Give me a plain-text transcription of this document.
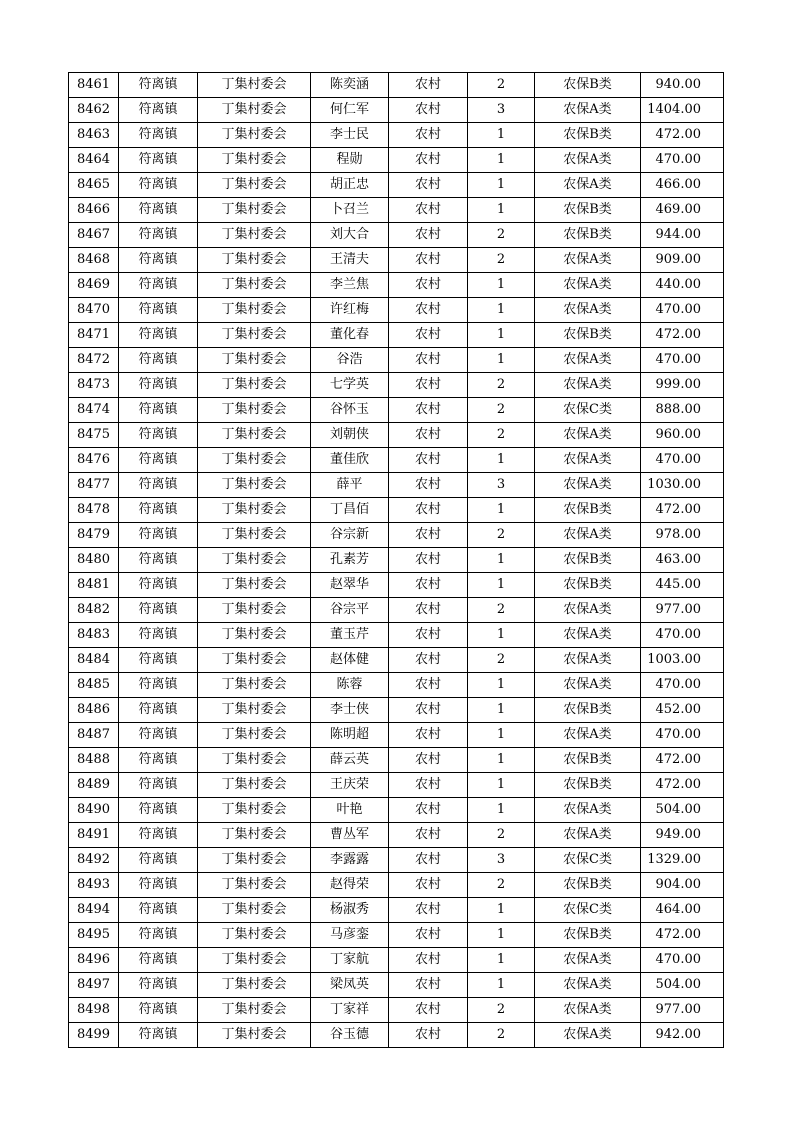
8461	符离镇	丁集村委会	陈奕涵	农村	2	农保B类	940.00
8462	符离镇	丁集村委会	何仁军	农村	3	农保A类	1404.00
8463	符离镇	丁集村委会	李士民	农村	1	农保B类	472.00
8464	符离镇	丁集村委会	程勋	农村	1	农保A类	470.00
8465	符离镇	丁集村委会	胡正忠	农村	1	农保A类	466.00
8466	符离镇	丁集村委会	卜召兰	农村	1	农保B类	469.00
8467	符离镇	丁集村委会	刘大合	农村	2	农保B类	944.00
8468	符离镇	丁集村委会	王清夫	农村	2	农保A类	909.00
8469	符离镇	丁集村委会	李兰焦	农村	1	农保A类	440.00
8470	符离镇	丁集村委会	许红梅	农村	1	农保A类	470.00
8471	符离镇	丁集村委会	董化春	农村	1	农保B类	472.00
8472	符离镇	丁集村委会	谷浩	农村	1	农保A类	470.00
8473	符离镇	丁集村委会	七学英	农村	2	农保A类	999.00
8474	符离镇	丁集村委会	谷怀玉	农村	2	农保C类	888.00
8475	符离镇	丁集村委会	刘朝侠	农村	2	农保A类	960.00
8476	符离镇	丁集村委会	董佳欣	农村	1	农保A类	470.00
8477	符离镇	丁集村委会	薛平	农村	3	农保A类	1030.00
8478	符离镇	丁集村委会	丁昌佰	农村	1	农保B类	472.00
8479	符离镇	丁集村委会	谷宗新	农村	2	农保A类	978.00
8480	符离镇	丁集村委会	孔素芳	农村	1	农保B类	463.00
8481	符离镇	丁集村委会	赵翠华	农村	1	农保B类	445.00
8482	符离镇	丁集村委会	谷宗平	农村	2	农保A类	977.00
8483	符离镇	丁集村委会	董玉芹	农村	1	农保A类	470.00
8484	符离镇	丁集村委会	赵体健	农村	2	农保A类	1003.00
8485	符离镇	丁集村委会	陈蓉	农村	1	农保A类	470.00
8486	符离镇	丁集村委会	李士侠	农村	1	农保B类	452.00
8487	符离镇	丁集村委会	陈明超	农村	1	农保A类	470.00
8488	符离镇	丁集村委会	薛云英	农村	1	农保B类	472.00
8489	符离镇	丁集村委会	王庆荣	农村	1	农保B类	472.00
8490	符离镇	丁集村委会	叶艳	农村	1	农保A类	504.00
8491	符离镇	丁集村委会	曹丛军	农村	2	农保A类	949.00
8492	符离镇	丁集村委会	李露露	农村	3	农保C类	1329.00
8493	符离镇	丁集村委会	赵得荣	农村	2	农保B类	904.00
8494	符离镇	丁集村委会	杨淑秀	农村	1	农保C类	464.00
8495	符离镇	丁集村委会	马彦銮	农村	1	农保B类	472.00
8496	符离镇	丁集村委会	丁家航	农村	1	农保A类	470.00
8497	符离镇	丁集村委会	梁凤英	农村	1	农保A类	504.00
8498	符离镇	丁集村委会	丁家祥	农村	2	农保A类	977.00
8499	符离镇	丁集村委会	谷玉德	农村	2	农保A类	942.00
